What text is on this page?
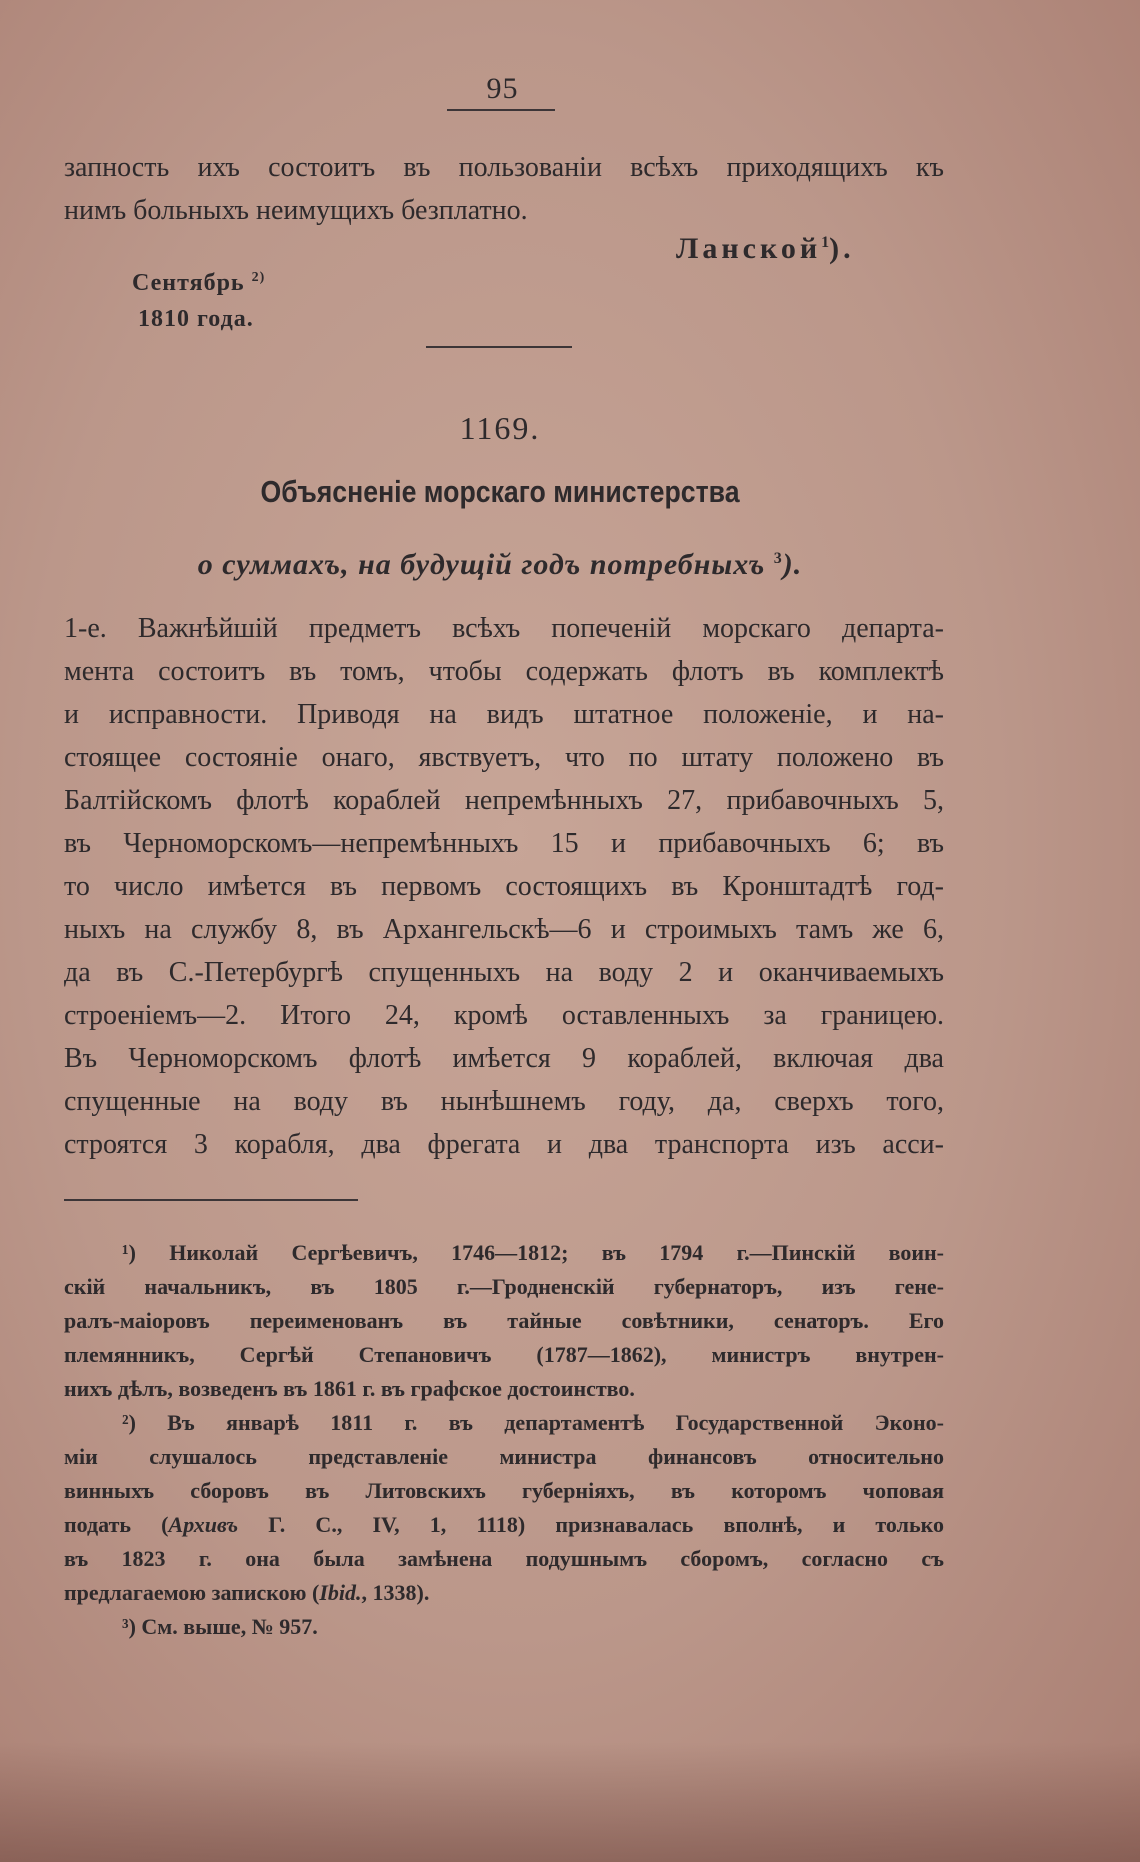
95
запность ихъ состоитъ въ пользованіи всѣхъ приходящихъ къ
нимъ больныхъ неимущихъ безплатно.
Ланской$^1$).
Сентябрь $^{2)}$
1810 года.
1169.
Объясненіе морскаго министерства
о суммахъ, на будущій годъ потребныхъ $^3$).
1-е. Важнѣйшій предметъ всѣхъ попеченій морскаго департа-
мента состоитъ въ томъ, чтобы содержать флотъ въ комплектѣ
и исправности. Приводя на видъ штатное положеніе, и на-
стоящее состояніе онаго, явствуетъ, что по штату положено въ
Балтійскомъ флотѣ кораблей непремѣнныхъ 27, прибавочныхъ 5,
въ Черноморскомъ—непремѣнныхъ 15 и прибавочныхъ 6; въ
то число имѣется въ первомъ состоящихъ въ Кронштадтѣ год-
ныхъ на службу 8, въ Архангельскѣ—6 и строимыхъ тамъ же 6,
да въ С.-Петербургѣ спущенныхъ на воду 2 и оканчиваемыхъ
строеніемъ—2. Итого 24, кромѣ оставленныхъ за границею.
Въ Черноморскомъ флотѣ имѣется 9 кораблей, включая два
спущенные на воду въ нынѣшнемъ году, да, сверхъ того,
строятся 3 корабля, два фрегата и два транспорта изъ асси-
¹) Николай Сергѣевичъ, 1746—1812; въ 1794 г.—Пинскій воин-
скій начальникъ, въ 1805 г.—Гродненскій губернаторъ, изъ гене-
ралъ-маіоровъ переименованъ въ тайные совѣтники, сенаторъ. Его
племянникъ, Сергѣй Степановичъ (1787—1862), министръ внутрен-
нихъ дѣлъ, возведенъ въ 1861 г. въ графское достоинство.
²) Въ январѣ 1811 г. въ департаментѣ Государственной Эконо-
міи слушалось представленіе министра финансовъ относительно
винныхъ сборовъ въ Литовскихъ губерніяхъ, въ которомъ чоповая
подать (Архивъ Г. С., IV, 1, 1118) признавалась вполнѣ, и только
въ 1823 г. она была замѣнена подушнымъ сборомъ, согласно съ
предлагаемою запискою (Ibid., 1338).
³) См. выше, № 957.
